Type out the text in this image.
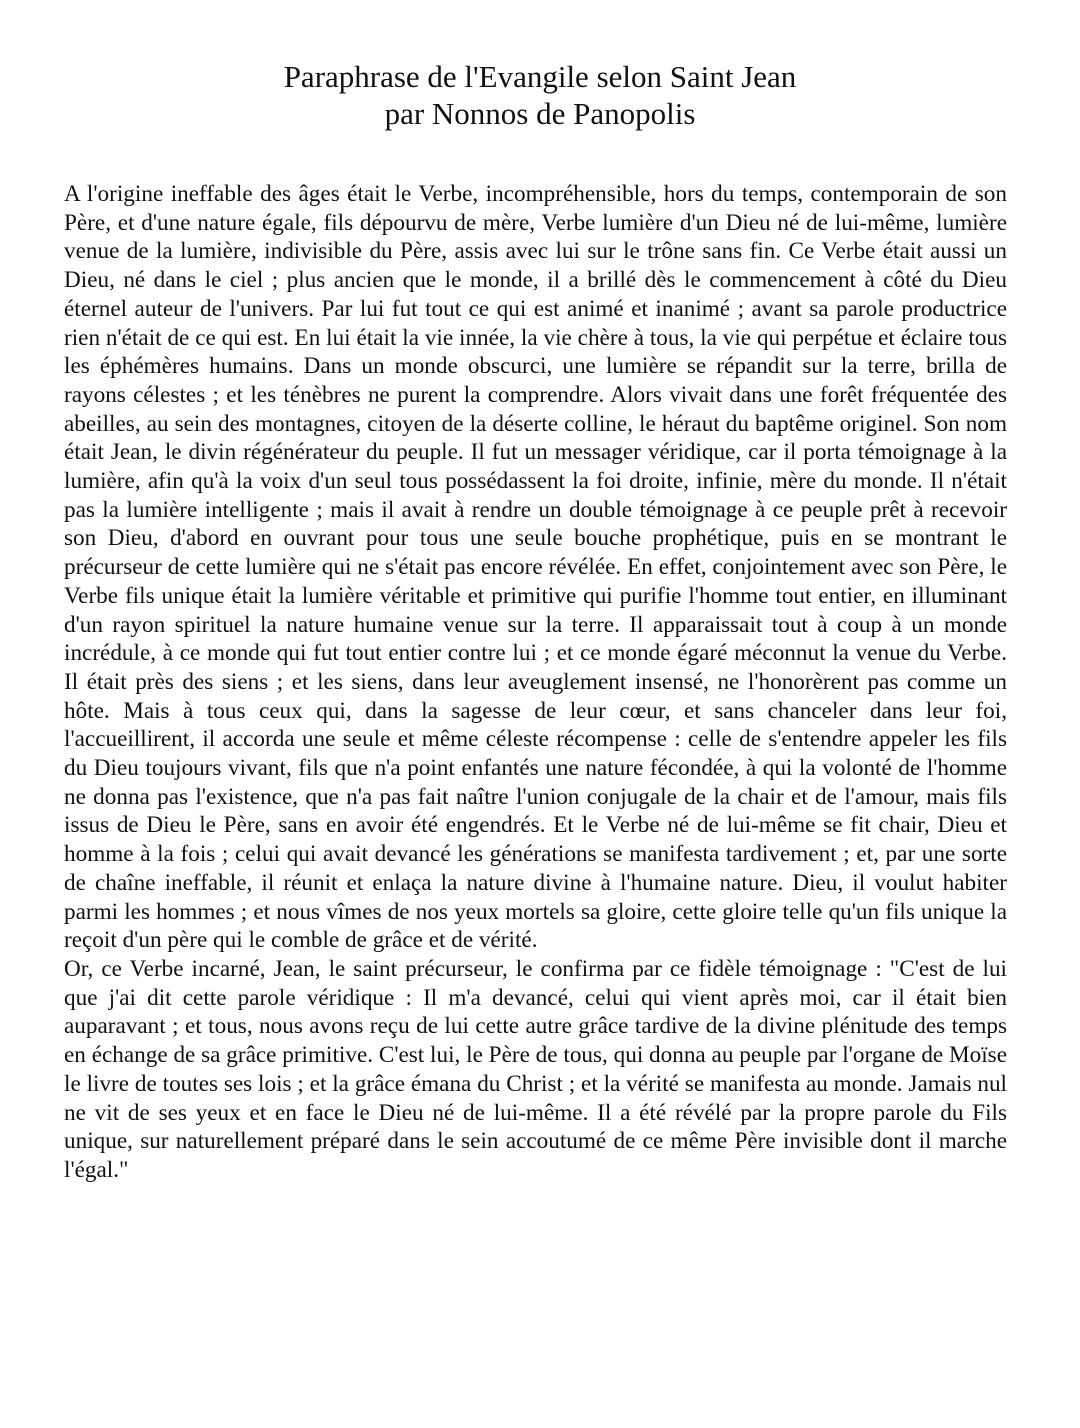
Paraphrase de l'Evangile selon Saint Jean
par Nonnos de Panopolis

A l'origine ineffable des âges était le Verbe, incompréhensible, hors du temps, contemporain de son Père, et d'une nature égale, fils dépourvu de mère, Verbe lumière d'un Dieu né de lui-même, lumière venue de la lumière, indivisible du Père, assis avec lui sur le trône sans fin. Ce Verbe était aussi un Dieu, né dans le ciel ; plus ancien que le monde, il a brillé dès le commencement à côté du Dieu éternel auteur de l'univers. Par lui fut tout ce qui est animé et inanimé ; avant sa parole productrice rien n'était de ce qui est. En lui était la vie innée, la vie chère à tous, la vie qui perpétue et éclaire tous les éphémères humains. Dans un monde obscurci, une lumière se répandit sur la terre, brilla de rayons célestes ; et les ténèbres ne purent la comprendre. Alors vivait dans une forêt fréquentée des abeilles, au sein des montagnes, citoyen de la déserte colline, le héraut du baptême originel. Son nom était Jean, le divin régénérateur du peuple. Il fut un messager véridique, car il porta témoignage à la lumière, afin qu'à la voix d'un seul tous possédassent la foi droite, infinie, mère du monde. Il n'était pas la lumière intelligente ; mais il avait à rendre un double témoignage à ce peuple prêt à recevoir son Dieu, d'abord en ouvrant pour tous une seule bouche prophétique, puis en se montrant le précurseur de cette lumière qui ne s'était pas encore révélée. En effet, conjointement avec son Père, le Verbe fils unique était la lumière véritable et primitive qui purifie l'homme tout entier, en illuminant d'un rayon spirituel la nature humaine venue sur la terre. Il apparaissait tout à coup à un monde incrédule, à ce monde qui fut tout entier contre lui ; et ce monde égaré méconnut la venue du Verbe. Il était près des siens ; et les siens, dans leur aveuglement insensé, ne l'honorèrent pas comme un hôte. Mais à tous ceux qui, dans la sagesse de leur cœur, et sans chanceler dans leur foi, l'accueillirent, il accorda une seule et même céleste récompense : celle de s'entendre appeler les fils du Dieu toujours vivant, fils que n'a point enfantés une nature fécondée, à qui la volonté de l'homme ne donna pas l'existence, que n'a pas fait naître l'union conjugale de la chair et de l'amour, mais fils issus de Dieu le Père, sans en avoir été engendrés. Et le Verbe né de lui-même se fit chair, Dieu et homme à la fois ; celui qui avait devancé les générations se manifesta tardivement ; et, par une sorte de chaîne ineffable, il réunit et enlaça la nature divine à l'humaine nature. Dieu, il voulut habiter parmi les hommes ; et nous vîmes de nos yeux mortels sa gloire, cette gloire telle qu'un fils unique la reçoit d'un père qui le comble de grâce et de vérité.

Or, ce Verbe incarné, Jean, le saint précurseur, le confirma par ce fidèle témoignage : "C'est de lui que j'ai dit cette parole véridique : Il m'a devancé, celui qui vient après moi, car il était bien auparavant ; et tous, nous avons reçu de lui cette autre grâce tardive de la divine plénitude des temps en échange de sa grâce primitive. C'est lui, le Père de tous, qui donna au peuple par l'organe de Moïse le livre de toutes ses lois ; et la grâce émana du Christ ; et la vérité se manifesta au monde. Jamais nul ne vit de ses yeux et en face le Dieu né de lui-même. Il a été révélé par la propre parole du Fils unique, sur naturellement préparé dans le sein accoutumé de ce même Père invisible dont il marche l'égal."
